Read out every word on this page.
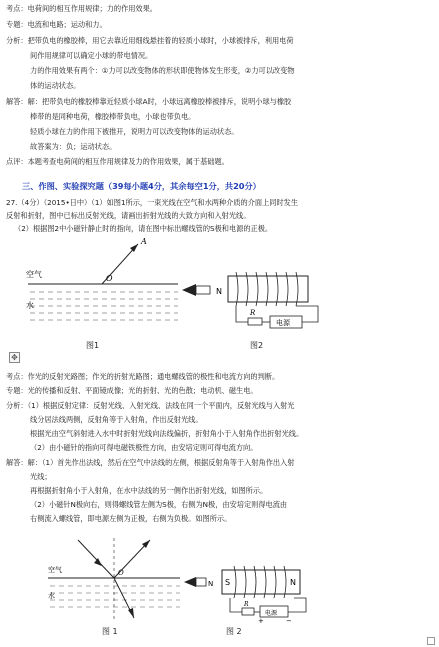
考点：电荷间的相互作用规律；力的作用效果。
专题：电流和电路；运动和力。
分析：把带负电的橡胶棒，用它去靠近用细线悬挂着的轻质小球时，小球被排斥，利用电荷
间作用规律可以确定小球的带电情况。
力的作用效果有两个：①力可以改变物体的形状即使物体发生形变，②力可以改变物
体的运动状态。
解答：解：把带负电的橡胶棒靠近轻质小球A时，小球远离橡胶棒被排斥，说明小球与橡胶
棒带的是同种电荷，橡胶棒带负电，小球也带负电。
轻质小球在力的作用下被推开，说明力可以改变物体的运动状态。
故答案为：负；运动状态。
点评：本题考查电荷间的相互作用规律及力的作用效果，属于基础题。
三、作图、实验探究题（39每小题4分，其余每空1分，共20分）
27.（4分）（2015•日中）（1）如图1所示，一束光线在空气和水两种介质的介面上同时发生
反射和折射，图中已标出反射光线，请画出折射光线的大致方向和入射光线。
（2）根据图2中小磁针静止时的指向，请在图中标出螺线管的S极和电源的正极。
空气
水
A
O
图1
N
R
电源
图2
✥
考点：作光的反射光路图；作光的折射光路图；通电螺线管的极性和电流方向的判断。
专题：光的传播和反射、平面镜成像；光的折射、光的色散；电动机、磁生电。
分析：（1）根据反射定律：反射光线、入射光线、法线在同一个平面内，反射光线与入射光
线分居法线两侧，反射角等于入射角，作出反射光线。
根据光由空气斜射进入水中时折射光线向法线偏折，折射角小于入射角作出折射光线。
（2）由小磁针的指向可得电磁铁极性方向，由安培定则可得电流方向。
解答：解：（1）首先作出法线，然后在空气中法线的左侧，根据反射角等于入射角作出入射
光线；
再根据折射角小于入射角，在水中法线的另一侧作出折射光线，如图所示。
（2）小磁针N极向右，则得螺线管左侧为S极，右侧为N极，由安培定则得电流由
右侧流入螺线管，即电源左侧为正极，右侧为负极。如图所示。
空气
水
O
图 1
N S	N
R
电源
+	−
图 2
